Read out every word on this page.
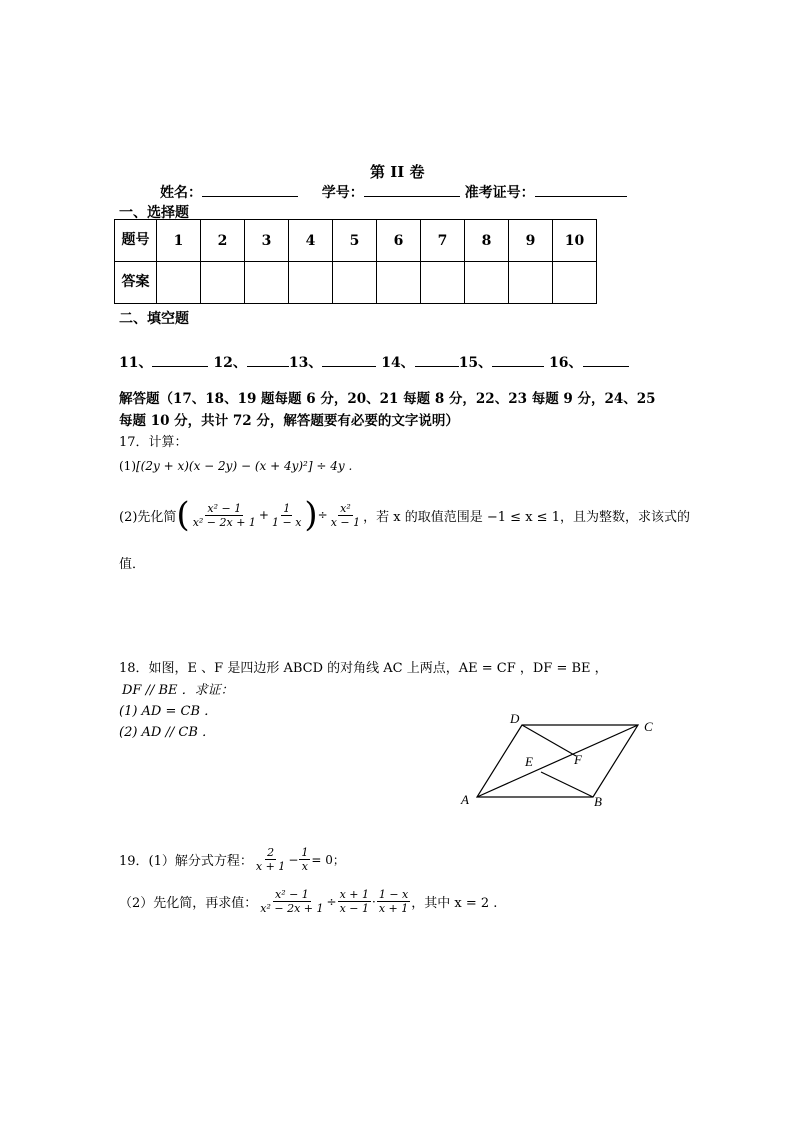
第 II 卷
姓名：	学号：	准考证号：
一、选择题
题号	1	2	3	4	5	6	7	8	9	10
答案										
二、填空题
11、	12、	13、	14、	15、	16、
解答题（17、18、19 题每题 6 分，20、21 每题 8 分，22、23 每题 9 分，24、25
每题 10 分，共计 72 分，解答题要有必要的文字说明）
17．计算：
(1)[(2y + x)(x − 2y) − (x + 4y)²] ÷ 4y .
(2)先化简 ( $\frac{\text{x² − 1}}{\text{x² − 2x + 1}} + \frac{1}{1 - x}$ ) ÷ $\frac{\text{x²}}{x - 1}$ ，若 x 的取值范围是 −1 ≤ x ≤ 1，且为整数，求该式的
值．
18．如图，E 、F 是四边形 ABCD 的对角线 AC 上两点，AE = CF ，DF = BE ，
DF // BE ．求证：
(1) AD = CB ．
(2) AD // CB ．
A	B
C
D
E	F
19．(1）解分式方程： $\frac{2}{x + 1} - \frac{1}{x} = 0$；
（2）先化简，再求值： $\frac{\text{x² − 1}}{\text{x² − 2x + 1}} \div \frac{x + 1}{x - 1} \cdot \frac{1 - x}{x + 1}$ ，其中 x = 2 .
